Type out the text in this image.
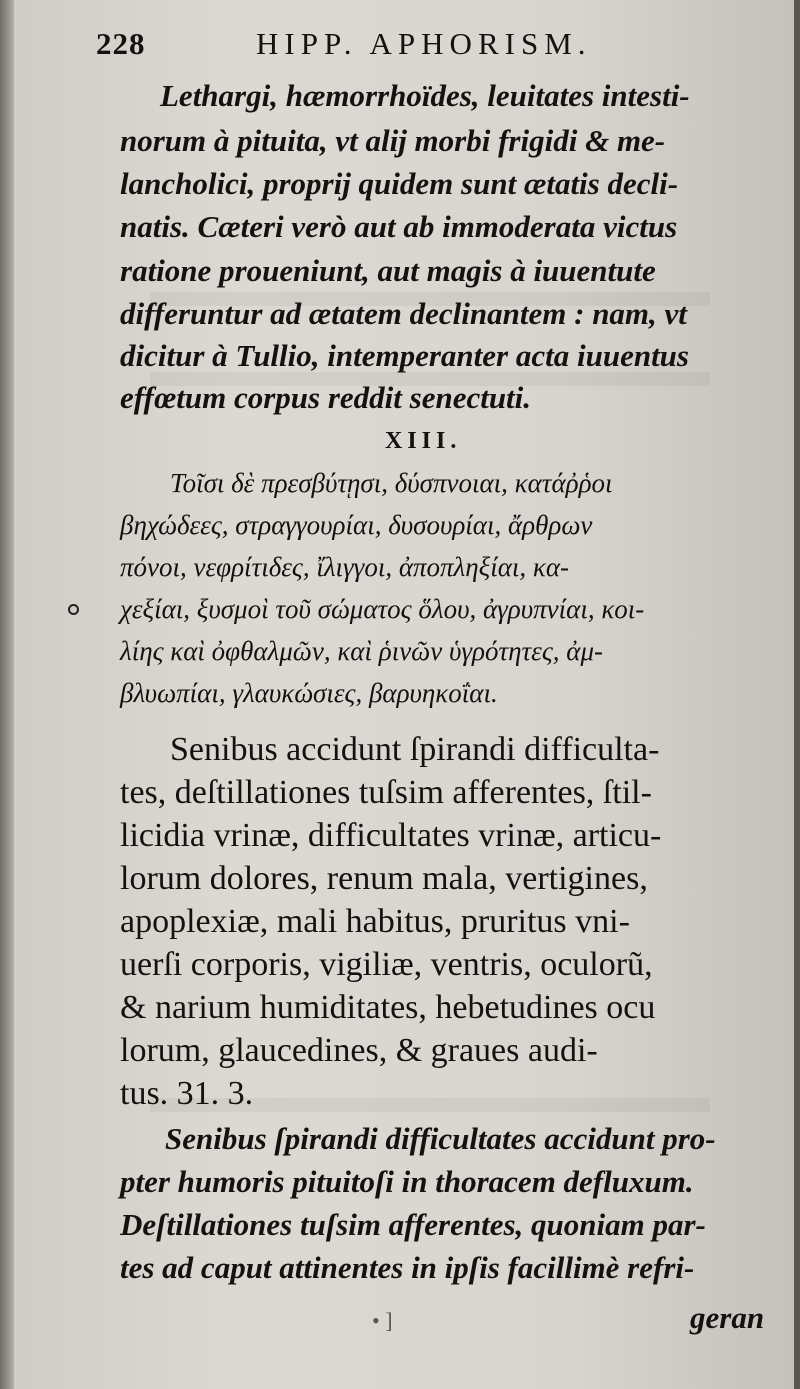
228	HIPP. APHORISM.
Lethargi, hæmorrhoïdes, leuitates intesti-
norum à pituita, vt alij morbi frigidi & me-
lancholici, proprij quidem sunt ætatis decli-
natis. Cæteri verò aut ab immoderata victus
ratione proueniunt, aut magis à iuuentute
differuntur ad ætatem declinantem : nam, vt
dicitur à Tullio, intemperanter acta iuuentus
effœtum corpus reddit senectuti.
XIII.
Τοῖσι δὲ πρεσβύτῃσι, δύσπνοιαι, κατάῤῥοι
βηχώδεες, στραγγουρίαι, δυσουρίαι, ἄρθρων
πόνοι, νεφρίτιδες, ἴλιγγοι, ἀποπληξίαι, κα-
χεξίαι, ξυσμοὶ τοῦ σώματος ὅλου, ἀγρυπνίαι, κοι-
λίης καὶ ὀφθαλμῶν, καὶ ῥινῶν ὑγρότητες, ἀμ-
βλυωπίαι, γλαυκώσιες, βαρυηκοΐαι.
Senibus accidunt ſpirandi difficulta-
tes, deſtillationes tuſsim afferentes, ſtil-
licidia vrinæ, difficultates vrinæ, articu-
lorum dolores, renum mala, vertigines,
apoplexiæ, mali habitus, pruritus vni-
uerſi corporis, vigiliæ, ventris, oculorũ,
& narium humiditates, hebetudines ocu
lorum, glaucedines, & graues audi-
tus. 31. 3.
Senibus ſpirandi difficultates accidunt pro-
pter humoris pituitoſi in thoracem defluxum.
Deſtillationes tuſsim afferentes, quoniam par-
tes ad caput attinentes in ipſis facillimè refri-
• ]	geran
